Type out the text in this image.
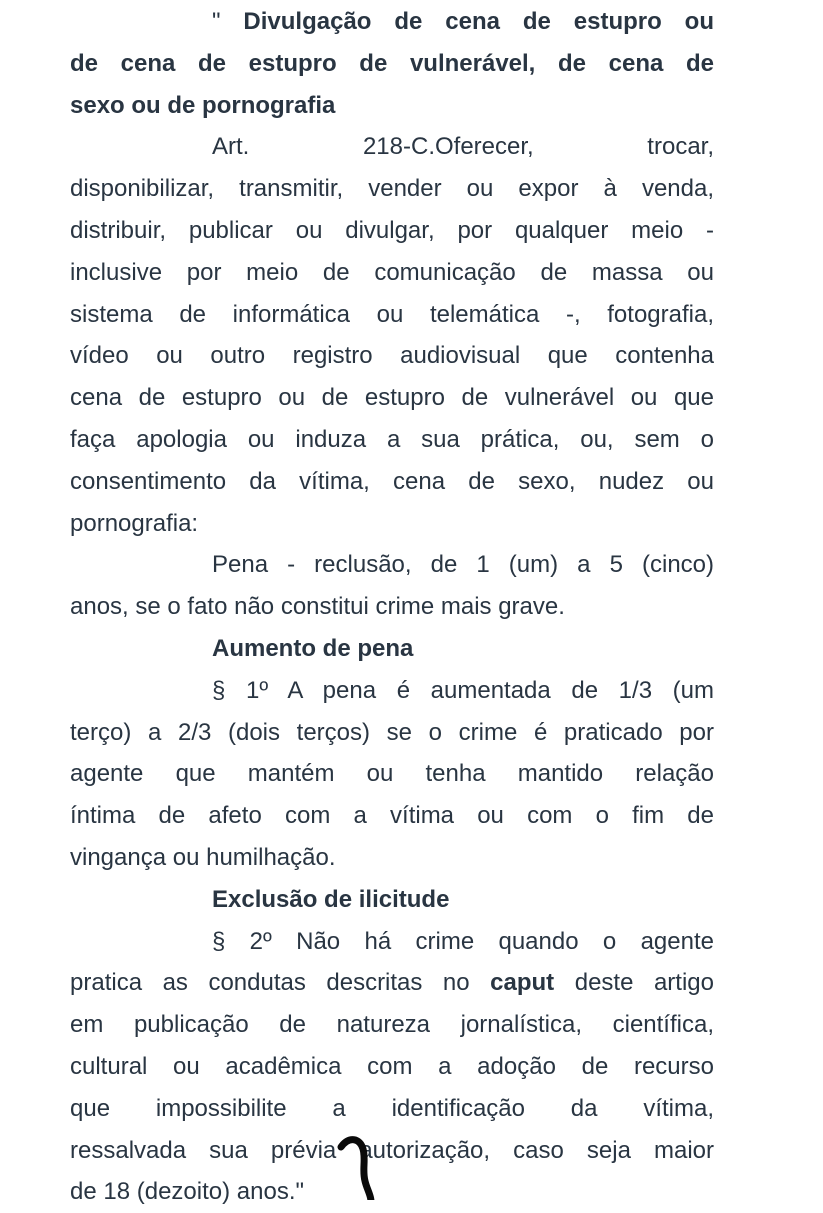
" Divulgação de cena de estupro ou
de cena de estupro de vulnerável, de cena de
sexo ou de pornografia
Art. 218-C.Oferecer, trocar,
disponibilizar, transmitir, vender ou expor à venda,
distribuir, publicar ou divulgar, por qualquer meio -
inclusive por meio de comunicação de massa ou
sistema de informática ou telemática -, fotografia,
vídeo ou outro registro audiovisual que contenha
cena de estupro ou de estupro de vulnerável ou que
faça apologia ou induza a sua prática, ou, sem o
consentimento da vítima, cena de sexo, nudez ou
pornografia:
Pena - reclusão, de 1 (um) a 5 (cinco)
anos, se o fato não constitui crime mais grave.
Aumento de pena
§ 1º A pena é aumentada de 1/3 (um
terço) a 2/3 (dois terços) se o crime é praticado por
agente que mantém ou tenha mantido relação
íntima de afeto com a vítima ou com o fim de
vingança ou humilhação.
Exclusão de ilicitude
§ 2º Não há crime quando o agente
pratica as condutas descritas no caput deste artigo
em publicação de natureza jornalística, científica,
cultural ou acadêmica com a adoção de recurso
que impossibilite a identificação da vítima,
ressalvada sua prévia autorização, caso seja maior
de 18 (dezoito) anos."
